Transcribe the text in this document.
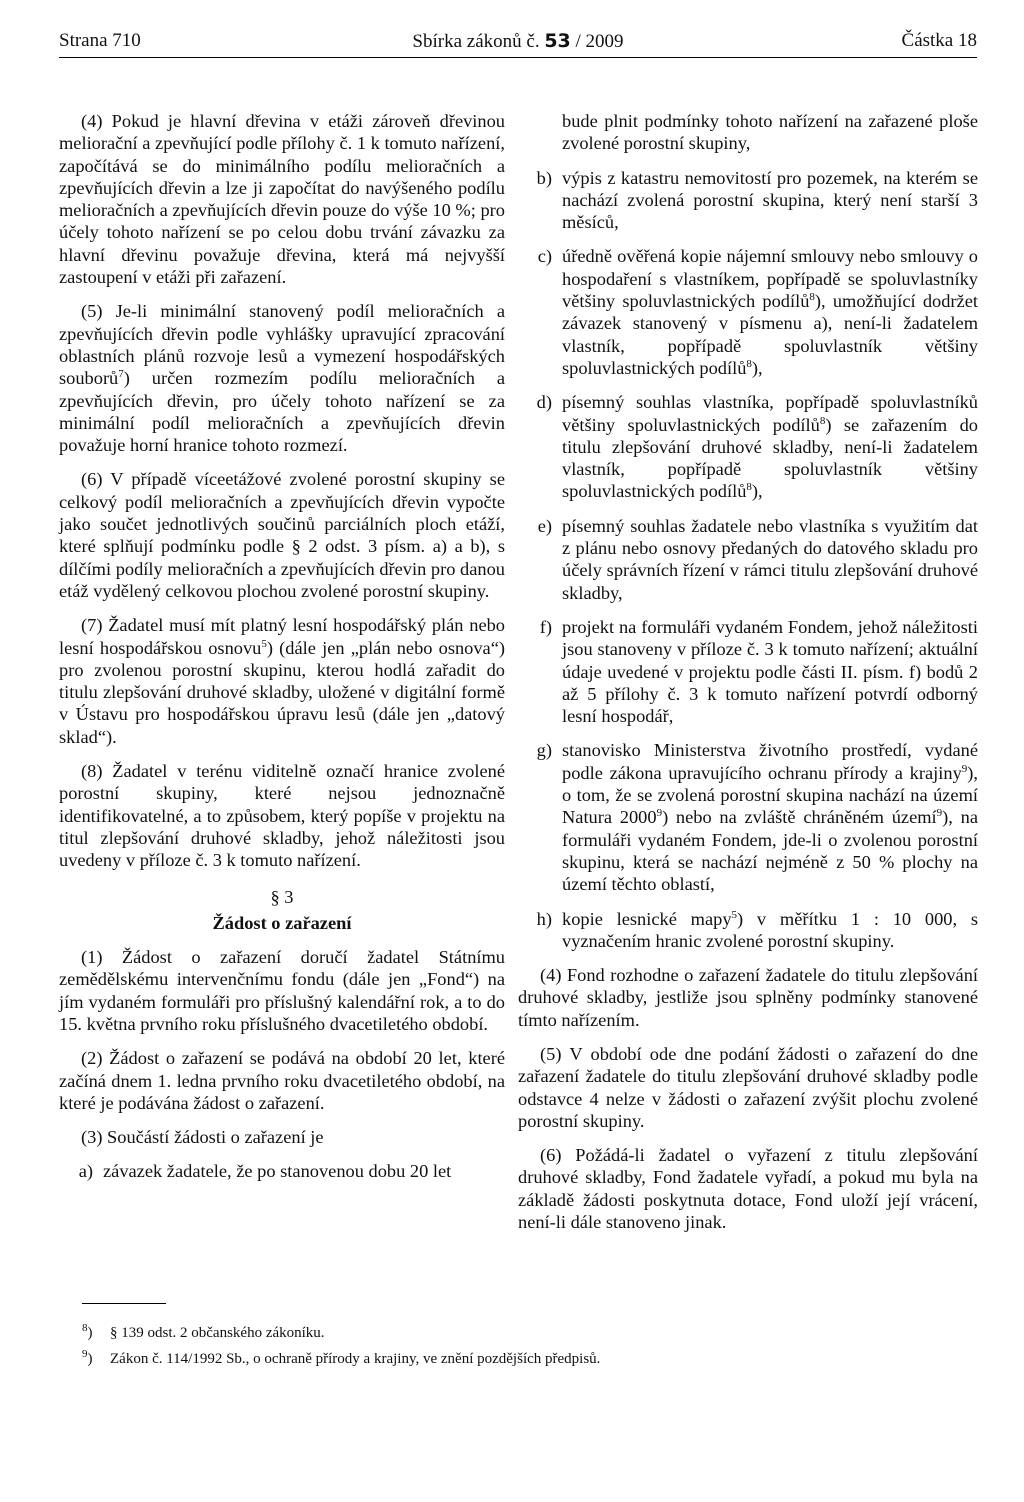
Strana 710	Sbírka zákonů č. 53 / 2009	Částka 18

(4) Pokud je hlavní dřevina v etáži zároveň dřevinou meliorační a zpevňující podle přílohy č. 1 k tomuto nařízení, započítává se do minimálního podílu melioračních a zpevňujících dřevin a lze ji započítat do navýšeného podílu melioračních a zpevňujících dřevin pouze do výše 10 %; pro účely tohoto nařízení se po celou dobu trvání závazku za hlavní dřevinu považuje dřevina, která má nejvyšší zastoupení v etáži při zařazení.

(5) Je-li minimální stanovený podíl melioračních a zpevňujících dřevin podle vyhlášky upravující zpracování oblastních plánů rozvoje lesů a vymezení hospodářských souborů$^7$) určen rozmezím podílu melioračních a zpevňujících dřevin, pro účely tohoto nařízení se za minimální podíl melioračních a zpevňujících dřevin považuje horní hranice tohoto rozmezí.

(6) V případě víceetážové zvolené porostní skupiny se celkový podíl melioračních a zpevňujících dřevin vypočte jako součet jednotlivých součinů parciálních ploch etáží, které splňují podmínku podle § 2 odst. 3 písm. a) a b), s dílčími podíly melioračních a zpevňujících dřevin pro danou etáž vydělený celkovou plochou zvolené porostní skupiny.

(7) Žadatel musí mít platný lesní hospodářský plán nebo lesní hospodářskou osnovu$^5$) (dále jen „plán nebo osnova“) pro zvolenou porostní skupinu, kterou hodlá zařadit do titulu zlepšování druhové skladby, uložené v digitální formě v Ústavu pro hospodářskou úpravu lesů (dále jen „datový sklad“).

(8) Žadatel v terénu viditelně označí hranice zvolené porostní skupiny, které nejsou jednoznačně identifikovatelné, a to způsobem, který popíše v projektu na titul zlepšování druhové skladby, jehož náležitosti jsou uvedeny v příloze č. 3 k tomuto nařízení.

§ 3
Žádost o zařazení

(1) Žádost o zařazení doručí žadatel Státnímu zemědělskému intervenčnímu fondu (dále jen „Fond“) na jím vydaném formuláři pro příslušný kalendářní rok, a to do 15. května prvního roku příslušného dvacetiletého období.

(2) Žádost o zařazení se podává na období 20 let, které začíná dnem 1. ledna prvního roku dvacetiletého období, na které je podávána žádost o zařazení.

(3) Součástí žádosti o zařazení je

a) závazek žadatele, že po stanovenou dobu 20 let
bude plnit podmínky tohoto nařízení na zařazené ploše zvolené porostní skupiny,
b) výpis z katastru nemovitostí pro pozemek, na kterém se nachází zvolená porostní skupina, který není starší 3 měsíců,
c) úředně ověřená kopie nájemní smlouvy nebo smlouvy o hospodaření s vlastníkem, popřípadě se spoluvlastníky většiny spoluvlastnických podílů$^8$), umožňující dodržet závazek stanovený v písmenu a), není-li žadatelem vlastník, popřípadě spoluvlastník většiny spoluvlastnických podílů$^8$),
d) písemný souhlas vlastníka, popřípadě spoluvlastníků většiny spoluvlastnických podílů$^8$) se zařazením do titulu zlepšování druhové skladby, není-li žadatelem vlastník, popřípadě spoluvlastník většiny spoluvlastnických podílů$^8$),
e) písemný souhlas žadatele nebo vlastníka s využitím dat z plánu nebo osnovy předaných do datového skladu pro účely správních řízení v rámci titulu zlepšování druhové skladby,
f) projekt na formuláři vydaném Fondem, jehož náležitosti jsou stanoveny v příloze č. 3 k tomuto nařízení; aktuální údaje uvedené v projektu podle části II. písm. f) bodů 2 až 5 přílohy č. 3 k tomuto nařízení potvrdí odborný lesní hospodář,
g) stanovisko Ministerstva životního prostředí, vydané podle zákona upravujícího ochranu přírody a krajiny$^9$), o tom, že se zvolená porostní skupina nachází na území Natura 2000$^9$) nebo na zvláště chráněném území$^9$), na formuláři vydaném Fondem, jde-li o zvolenou porostní skupinu, která se nachází nejméně z 50 % plochy na území těchto oblastí,
h) kopie lesnické mapy$^5$) v měřítku 1 : 10 000, s vyznačením hranic zvolené porostní skupiny.

(4) Fond rozhodne o zařazení žadatele do titulu zlepšování druhové skladby, jestliže jsou splněny podmínky stanovené tímto nařízením.

(5) V období ode dne podání žádosti o zařazení do dne zařazení žadatele do titulu zlepšování druhové skladby podle odstavce 4 nelze v žádosti o zařazení zvýšit plochu zvolené porostní skupiny.

(6) Požádá-li žadatel o vyřazení z titulu zlepšování druhové skladby, Fond žadatele vyřadí, a pokud mu byla na základě žádosti poskytnuta dotace, Fond uloží její vrácení, není-li dále stanoveno jinak.

$^8$) § 139 odst. 2 občanského zákoníku.
$^9$) Zákon č. 114/1992 Sb., o ochraně přírody a krajiny, ve znění pozdějších předpisů.
